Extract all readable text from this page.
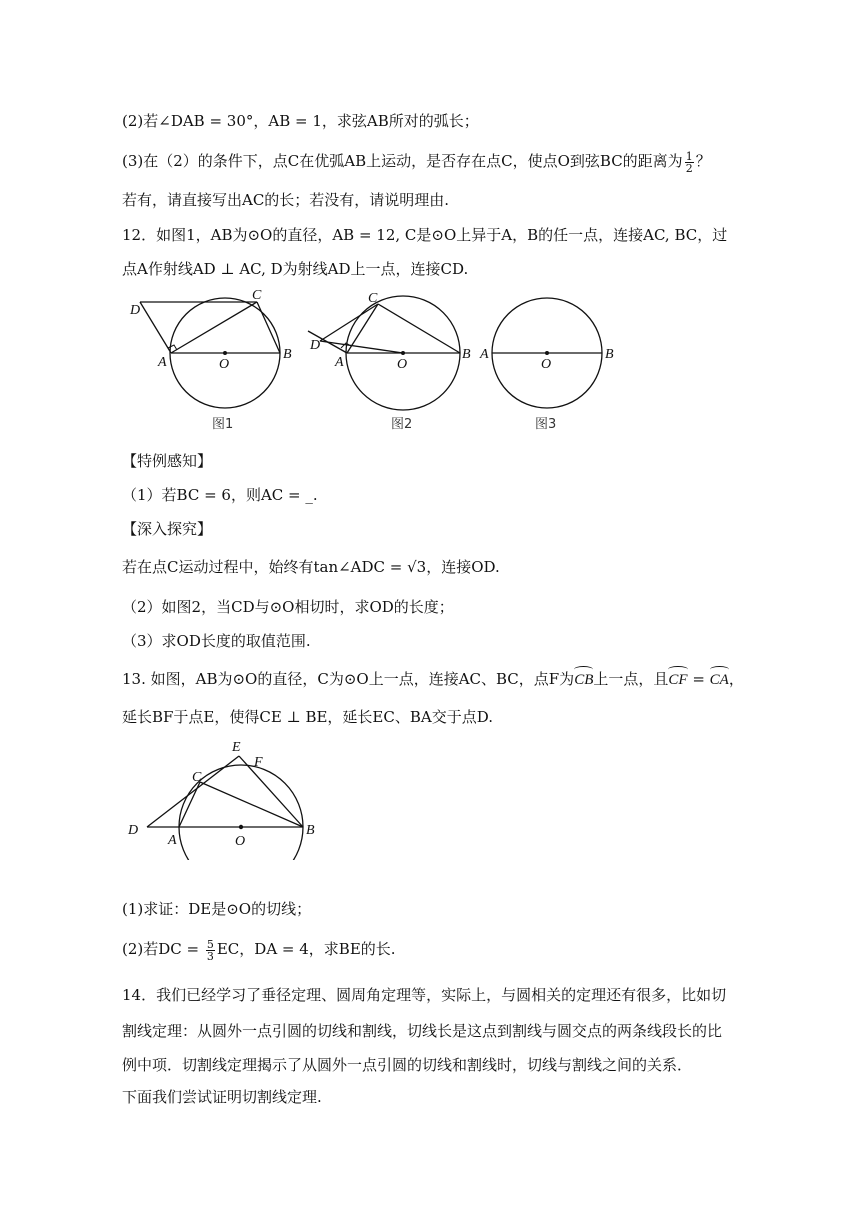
(2)若∠DAB = 30°，AB = 1，求弦AB所对的弧长；
(3)在（2）的条件下，点C在优弧AB上运动，是否存在点C，使点O到弦BC的距离为 $\frac{1}{2}$ ？
若有，请直接写出AC的长；若没有，请说明理由.
12．如图1，AB为⊙O的直径，AB = 12, C是⊙O上异于A，B的任一点，连接AC, BC，过
点A作射线AD ⊥ AC, D为射线AD上一点，连接CD.
D
C
A	O
B
图1
D
C
A	O
B
图2
A
O
B
图3
【特例感知】
（1）若BC = 6，则AC = _.
【深入探究】
若在点C运动过程中，始终有tan∠ADC = √3，连接OD.
（2）如图2，当CD与⊙O相切时，求OD的长度；
（3）求OD长度的取值范围.
13. 如图，AB为⊙O的直径，C为⊙O上一点，连接AC、BC，点F为CB上一点，且CF = CA，
延长BF于点E，使得CE ⊥ BE，延长EC、BA交于点D.
D
A	O
B
C
E
F
(1)求证：DE是⊙O的切线；
(2)若DC = $\frac{5}{3}$ EC，DA = 4，求BE的长.
14．我们已经学习了垂径定理、圆周角定理等，实际上，与圆相关的定理还有很多，比如切
割线定理：从圆外一点引圆的切线和割线，切线长是这点到割线与圆交点的两条线段长的比
例中项．切割线定理揭示了从圆外一点引圆的切线和割线时，切线与割线之间的关系．
下面我们尝试证明切割线定理.
